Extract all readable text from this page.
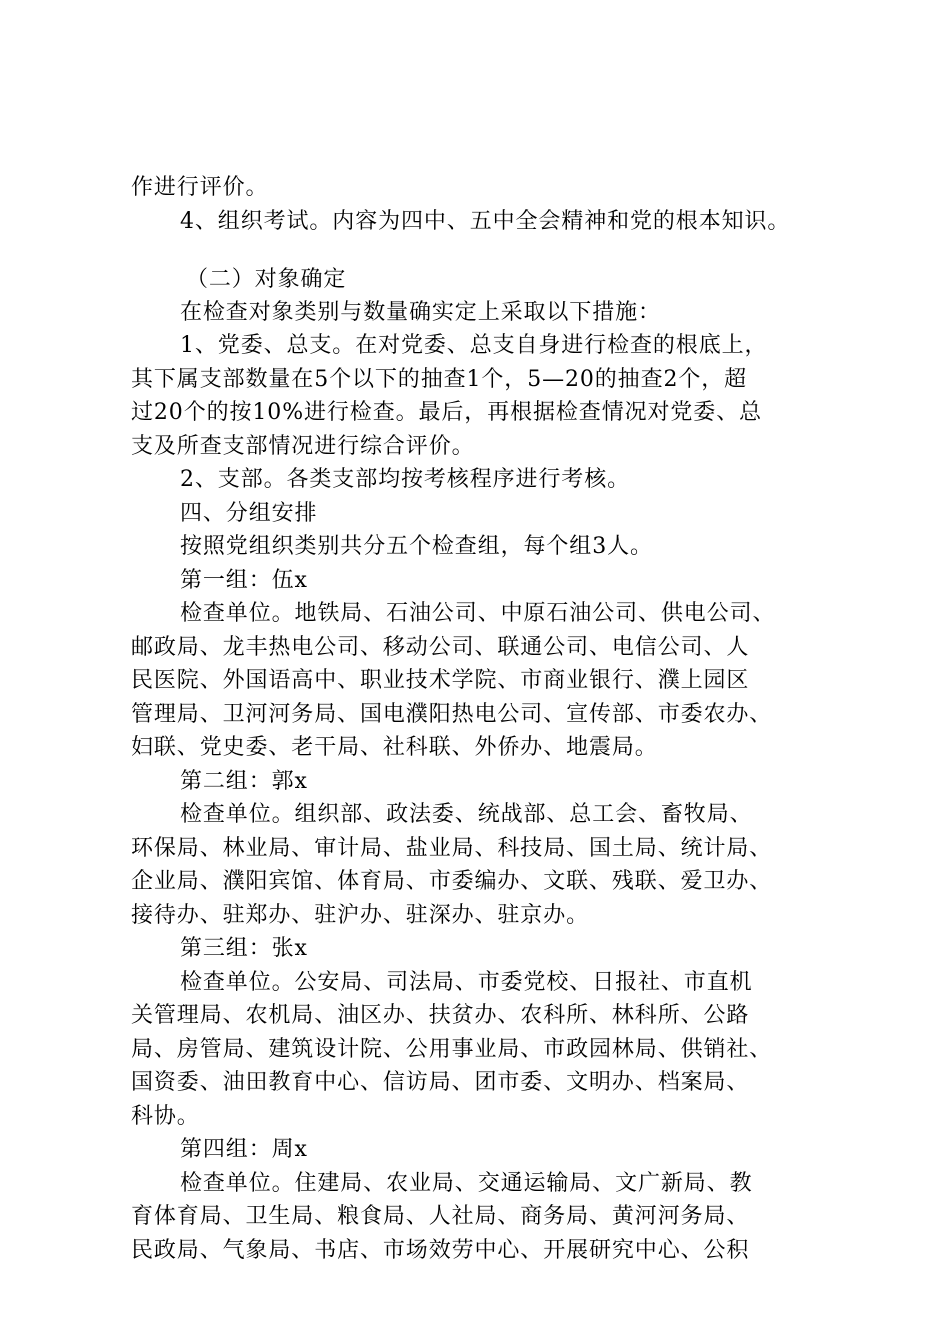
作进行评价。

4、组织考试。内容为四中、五中全会精神和党的根本知识。

（二）对象确定

在检查对象类别与数量确实定上采取以下措施：

1、党委、总支。在对党委、总支自身进行检查的根底上，

其下属支部数量在5个以下的抽查1个，5—20的抽查2个，超

过20个的按10%进行检查。最后，再根据检查情况对党委、总

支及所查支部情况进行综合评价。

2、支部。各类支部均按考核程序进行考核。

四、分组安排

按照党组织类别共分五个检查组，每个组3人。

第一组：伍x

检查单位。地铁局、石油公司、中原石油公司、供电公司、

邮政局、龙丰热电公司、移动公司、联通公司、电信公司、人

民医院、外国语高中、职业技术学院、市商业银行、濮上园区

管理局、卫河河务局、国电濮阳热电公司、宣传部、市委农办、

妇联、党史委、老干局、社科联、外侨办、地震局。

第二组：郭x

检查单位。组织部、政法委、统战部、总工会、畜牧局、

环保局、林业局、审计局、盐业局、科技局、国土局、统计局、

企业局、濮阳宾馆、体育局、市委编办、文联、残联、爱卫办、

接待办、驻郑办、驻沪办、驻深办、驻京办。

第三组：张x

检查单位。公安局、司法局、市委党校、日报社、市直机

关管理局、农机局、油区办、扶贫办、农科所、林科所、公路

局、房管局、建筑设计院、公用事业局、市政园林局、供销社、

国资委、油田教育中心、信访局、团市委、文明办、档案局、

科协。

第四组：周x

检查单位。住建局、农业局、交通运输局、文广新局、教

育体育局、卫生局、粮食局、人社局、商务局、黄河河务局、

民政局、气象局、书店、市场效劳中心、开展研究中心、公积
